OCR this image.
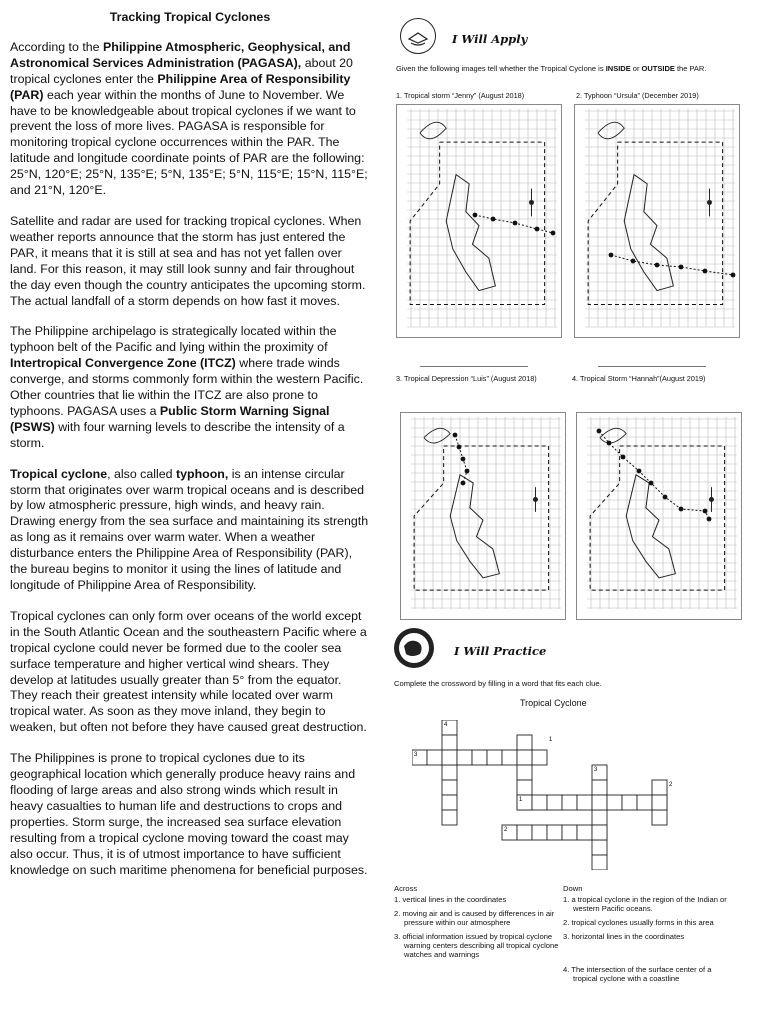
Tracking Tropical Cyclones

According to the Philippine Atmospheric, Geophysical, and Astronomical Services Administration (PAGASA), about 20 tropical cyclones enter the Philippine Area of Responsibility (PAR) each year within the months of June to November. We have to be knowledgeable about tropical cyclones if we want to prevent the loss of more lives. PAGASA is responsible for monitoring tropical cyclone occurrences within the PAR. The latitude and longitude coordinate points of PAR are the following: 25°N, 120°E; 25°N, 135°E; 5°N, 135°E; 5°N, 115°E; 15°N, 115°E; and 21°N, 120°E.

Satellite and radar are used for tracking tropical cyclones. When weather reports announce that the storm has just entered the PAR, it means that it is still at sea and has not yet fallen over land. For this reason, it may still look sunny and fair throughout the day even though the country anticipates the upcoming storm. The actual landfall of a storm depends on how fast it moves.

The Philippine archipelago is strategically located within the typhoon belt of the Pacific and lying within the proximity of Intertropical Convergence Zone (ITCZ) where trade winds converge, and storms commonly form within the western Pacific. Other countries that lie within the ITCZ are also prone to typhoons. PAGASA uses a Public Storm Warning Signal (PSWS) with four warning levels to describe the intensity of a storm.

Tropical cyclone, also called typhoon, is an intense circular storm that originates over warm tropical oceans and is described by low atmospheric pressure, high winds, and heavy rain. Drawing energy from the sea surface and maintaining its strength as long as it remains over warm water. When a weather disturbance enters the Philippine Area of Responsibility (PAR), the bureau begins to monitor it using the lines of latitude and longitude of Philippine Area of Responsibility.

Tropical cyclones can only form over oceans of the world except in the South Atlantic Ocean and the southeastern Pacific where a tropical cyclone could never be formed due to the cooler sea surface temperature and higher vertical wind shears. They develop at latitudes usually greater than 5° from the equator. They reach their greatest intensity while located over warm tropical water. As soon as they move inland, they begin to weaken, but often not before they have caused great destruction.

The Philippines is prone to tropical cyclones due to its geographical location which generally produce heavy rains and flooding of large areas and also strong winds which result in heavy casualties to human life and destructions to crops and properties. Storm surge, the increased sea surface elevation resulting from a tropical cyclone moving toward the coast may also occur. Thus, it is of utmost importance to have sufficient knowledge on such maritime phenomena for beneficial purposes.

I Will Apply
Given the following images tell whether the Tropical Cyclone is INSIDE or OUTSIDE the PAR.
1. Tropical storm “Jenny” (August 2018)	2. Typhoon “Ursula” (December 2019)
3. Tropical Depression “Luis” (August 2018)	4. Tropical Storm “Hannah”(August 2019)
I Will Practice
Complete the crossword by filling in a word that fits each clue.
Tropical Cyclone
4
1
3
3
2
1
2
Across
1. vertical lines in the coordinates
2. moving air and is caused by differences in air pressure within our atmosphere
3. official information issued by tropical cyclone warning centers describing all tropical cyclone watches and warnings
Down
1. a tropical cyclone in the region of the Indian or western Pacific oceans.
2. tropical cyclones usually forms in this area
3. horizontal lines in the coordinates
4. The intersection of the surface center of a tropical cyclone with a coastline
